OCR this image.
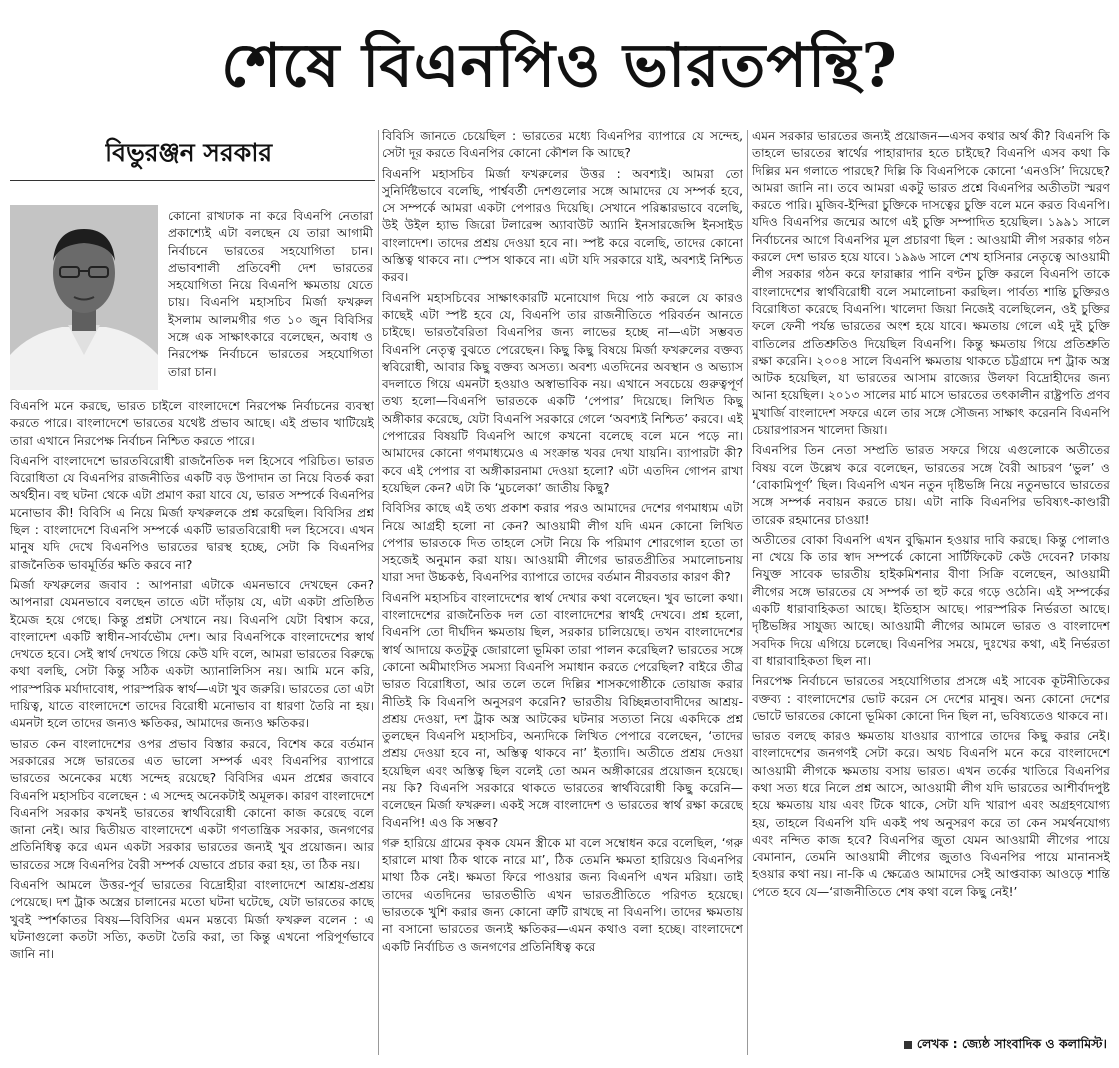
শেষে বিএনপিও ভারতপন্থি?
বিভুরঞ্জন সরকার

কোনো রাখঢাক না করে বিএনপি নেতারা প্রকাশ্যেই এটা বলছেন যে তারা আগামী নির্বাচনে ভারতের সহযোগিতা চান। প্রভাবশালী প্রতিবেশী দেশ ভারতের সহযোগিতা নিয়ে বিএনপি ক্ষমতায় যেতে চায়। বিএনপি মহাসচিব মির্জা ফখরুল ইসলাম আলমগীর গত ১০ জুন বিবিসির সঙ্গে এক সাক্ষাৎকারে বলেছেন, অবাধ ও নিরপেক্ষ নির্বাচনে ভারতের সহযোগিতা তারা চান।

বিএনপি মনে করছে, ভারত চাইলে বাংলাদেশে নিরপেক্ষ নির্বাচনের ব্যবস্থা করতে পারে। বাংলাদেশে ভারতের যথেষ্ট প্রভাব আছে। এই প্রভাব খাটিয়েই তারা এখানে নিরপেক্ষ নির্বাচন নিশ্চিত করতে পারে।

বিএনপি বাংলাদেশে ভারতবিরোধী রাজনৈতিক দল হিসেবে পরিচিত। ভারত বিরোধিতা যে বিএনপির রাজনীতির একটি বড় উপাদান তা নিয়ে বিতর্ক করা অর্থহীন। বহু ঘটনা থেকে এটা প্রমাণ করা যাবে যে, ভারত সম্পর্কে বিএনপির মনোভাব কী! বিবিসি এ নিয়ে মির্জা ফখরুলকে প্রশ্ন করেছিল। বিবিসির প্রশ্ন ছিল : বাংলাদেশে বিএনপি সম্পর্কে একটি ভারতবিরোধী দল হিসেবে। এখন মানুষ যদি দেখে বিএনপিও ভারতের দ্বারস্থ হচ্ছে, সেটা কি বিএনপির রাজনৈতিক ভাবমূর্তির ক্ষতি করবে না?

মির্জা ফখরুলের জবাব : আপনারা এটাকে এমনভাবে দেখছেন কেন? আপনারা যেমনভাবে বলছেন তাতে এটা দাঁড়ায় যে, এটা একটা প্রতিষ্ঠিত ইমেজ হয়ে গেছে। কিন্তু প্রশ্নটা সেখানে নয়। বিএনপি যেটা বিশ্বাস করে, বাংলাদেশ একটি স্বাধীন-সার্বভৌম দেশ। আর বিএনপিকে বাংলাদেশের স্বার্থ দেখতে হবে। সেই স্বার্থ দেখতে গিয়ে কেউ যদি বলে, আমরা ভারতের বিরুদ্ধে কথা বলছি, সেটা কিন্তু সঠিক একটা অ্যানালিসিস নয়। আমি মনে করি, পারস্পরিক মর্যাদাবোধ, পারস্পরিক স্বার্থ—এটা খুব জরুরি। ভারতের তো এটা দায়িত্ব, যাতে বাংলাদেশে তাদের বিরোধী মনোভাব বা ধারণা তৈরি না হয়। এমনটা হলে তাদের জন্যও ক্ষতিকর, আমাদের জন্যও ক্ষতিকর।

ভারত কেন বাংলাদেশের ওপর প্রভাব বিস্তার করবে, বিশেষ করে বর্তমান সরকারের সঙ্গে ভারতের এত ভালো সম্পর্ক এবং বিএনপির ব্যাপারে ভারতের অনেকের মধ্যে সন্দেহ রয়েছে? বিবিসির এমন প্রশ্নের জবাবে বিএনপি মহাসচিব বলেছেন : এ সন্দেহ অনেকটাই অমূলক। কারণ বাংলাদেশে বিএনপি সরকার কখনই ভারতের স্বার্থবিরোধী কোনো কাজ করেছে বলে জানা নেই। আর দ্বিতীয়ত বাংলাদেশে একটা গণতান্ত্রিক সরকার, জনগণের প্রতিনিধিত্ব করে এমন একটা সরকার ভারতের জন্যই খুব প্রয়োজন। আর ভারতের সঙ্গে বিএনপির বৈরী সম্পর্ক যেভাবে প্রচার করা হয়, তা ঠিক নয়।

বিএনপি আমলে উত্তর-পূর্ব ভারতের বিদ্রোহীরা বাংলাদেশে আশ্রয়-প্রশ্রয় পেয়েছে। দশ ট্রাক অস্ত্রের চালানের মতো ঘটনা ঘটেছে, যেটা ভারতের কাছে খুবই স্পর্শকাতর বিষয়—বিবিসির এমন মন্তব্যে মির্জা ফখরুল বলেন : এ ঘটনাগুলো কতটা সত্যি, কতটা তৈরি করা, তা কিন্তু এখনো পরিপূর্ণভাবে জানি না।

বিবিসি জানতে চেয়েছিল : ভারতের মধ্যে বিএনপির ব্যাপারে যে সন্দেহ, সেটা দূর করতে বিএনপির কোনো কৌশল কি আছে?

বিএনপি মহাসচিব মির্জা ফখরুলের উত্তর : অবশ্যই। আমরা তো সুনির্দিষ্টভাবে বলেছি, পার্শ্ববর্তী দেশগুলোর সঙ্গে আমাদের যে সম্পর্ক হবে, সে সম্পর্কে আমরা একটা পেপারও দিয়েছি। সেখানে পরিষ্কারভাবে বলেছি, উই উইল হ্যাভ জিরো টলারেন্স অ্যাবাউট অ্যানি ইনসারজেন্সি ইনসাইড বাংলাদেশ। তাদের প্রশ্রয় দেওয়া হবে না। স্পষ্ট করে বলেছি, তাদের কোনো অস্তিত্ব থাকবে না। স্পেস থাকবে না। এটা যদি সরকারে যাই, অবশ্যই নিশ্চিত করব।

বিএনপি মহাসচিবের সাক্ষাৎকারটি মনোযোগ দিয়ে পাঠ করলে যে কারও কাছেই এটা স্পষ্ট হবে যে, বিএনপি তার রাজনীতিতে পরিবর্তন আনতে চাইছে। ভারতবৈরিতা বিএনপির জন্য লাভের হচ্ছে না—এটা সম্ভবত বিএনপি নেতৃত্ব বুঝতে পেরেছেন। কিছু কিছু বিষয়ে মির্জা ফখরুলের বক্তব্য স্ববিরোধী, আবার কিছু বক্তব্য অসত্য। অবশ্য এতদিনের অবস্থান ও অভ্যাস বদলাতে গিয়ে এমনটা হওয়াও অস্বাভাবিক নয়। এখানে সবচেয়ে গুরুত্বপূর্ণ তথ্য হলো—বিএনপি ভারতকে একটি ‘পেপার’ দিয়েছে। লিখিত কিছু অঙ্গীকার করেছে, যেটা বিএনপি সরকারে গেলে ‘অবশ্যই নিশ্চিত’ করবে। এই পেপারের বিষয়টি বিএনপি আগে কখনো বলেছে বলে মনে পড়ে না। আমাদের কোনো গণমাধ্যমেও এ সংক্রান্ত খবর দেখা যায়নি। ব্যাপারটা কী? কবে এই পেপার বা অঙ্গীকারনামা দেওয়া হলো? এটা এতদিন গোপন রাখা হয়েছিল কেন? এটা কি ‘মুচলেকা’ জাতীয় কিছু?

বিবিসির কাছে এই তথ্য প্রকাশ করার পরও আমাদের দেশের গণমাধ্যম এটা নিয়ে আগ্রহী হলো না কেন? আওয়ামী লীগ যদি এমন কোনো লিখিত পেপার ভারতকে দিত তাহলে সেটা নিয়ে কি পরিমাণ শোরগোল হতো তা সহজেই অনুমান করা যায়। আওয়ামী লীগের ভারতপ্রীতির সমালোচনায় যারা সদা উচ্চকণ্ঠ, বিএনপির ব্যাপারে তাদের বর্তমান নীরবতার কারণ কী?

বিএনপি মহাসচিব বাংলাদেশের স্বার্থ দেখার কথা বলেছেন। খুব ভালো কথা। বাংলাদেশের রাজনৈতিক দল তো বাংলাদেশের স্বার্থই দেখবে। প্রশ্ন হলো, বিএনপি তো দীর্ঘদিন ক্ষমতায় ছিল, সরকার চালিয়েছে। তখন বাংলাদেশের স্বার্থ আদায়ে কতটুকু জোরালো ভূমিকা তারা পালন করেছিল? ভারতের সঙ্গে কোনো অমীমাংসিত সমস্যা বিএনপি সমাধান করতে পেরেছিল? বাইরে তীব্র ভারত বিরোধিতা, আর তলে তলে দিল্লির শাসকগোষ্ঠীকে তোয়াজ করার নীতিই কি বিএনপি অনুসরণ করেনি? ভারতীয় বিচ্ছিন্নতাবাদীদের আশ্রয়-প্রশ্রয় দেওয়া, দশ ট্রাক অস্ত্র আটকের ঘটনার সত্যতা নিয়ে একদিকে প্রশ্ন তুলছেন বিএনপি মহাসচিব, অন্যদিকে লিখিত পেপারে বলেছেন, ‘তাদের প্রশ্রয় দেওয়া হবে না, অস্তিত্ব থাকবে না’ ইত্যাদি। অতীতে প্রশ্রয় দেওয়া হয়েছিল এবং অস্তিত্ব ছিল বলেই তো অমন অঙ্গীকারের প্রয়োজন হয়েছে। নয় কি? বিএনপি সরকারে থাকতে ভারতের স্বার্থবিরোধী কিছু করেনি—বলেছেন মির্জা ফখরুল। একই সঙ্গে বাংলাদেশ ও ভারতের স্বার্থ রক্ষা করেছে বিএনপি! এও কি সম্ভব?

গরু হারিয়ে গ্রামের কৃষক যেমন স্ত্রীকে মা বলে সম্বোধন করে বলেছিল, ‘গরু হারালে মাথা ঠিক থাকে নারে মা’, ঠিক তেমনি ক্ষমতা হারিয়েও বিএনপির মাথা ঠিক নেই। ক্ষমতা ফিরে পাওয়ার জন্য বিএনপি এখন মরিয়া। তাই তাদের এতদিনের ভারতভীতি এখন ভারতপ্রীতিতে পরিণত হয়েছে। ভারতকে খুশি করার জন্য কোনো ত্রুটি রাখছে না বিএনপি। তাদের ক্ষমতায় না বসানো ভারতের জন্যই ক্ষতিকর—এমন কথাও বলা হচ্ছে। বাংলাদেশে একটি নির্বাচিত ও জনগণের প্রতিনিধিত্ব করে

এমন সরকার ভারতের জন্যই প্রয়োজন—এসব কথার অর্থ কী? বিএনপি কি তাহলে ভারতের স্বার্থের পাহারাদার হতে চাইছে? বিএনপি এসব কথা কি দিল্লির মন গলাতে পারছে? দিল্লি কি বিএনপিকে কোনো ‘এনওসি’ দিয়েছে? আমরা জানি না। তবে আমরা একটু ভারত প্রশ্নে বিএনপির অতীতটা স্মরণ করতে পারি। মুজিব-ইন্দিরা চুক্তিকে দাসত্বের চুক্তি বলে মনে করত বিএনপি। যদিও বিএনপির জন্মের আগে এই চুক্তি সম্পাদিত হয়েছিল। ১৯৯১ সালে নির্বাচনের আগে বিএনপির মূল প্রচারণা ছিল : আওয়ামী লীগ সরকার গঠন করলে দেশ ভারত হয়ে যাবে। ১৯৯৬ সালে শেখ হাসিনার নেতৃত্বে আওয়ামী লীগ সরকার গঠন করে ফারাক্কার পানি বণ্টন চুক্তি করলে বিএনপি তাকে বাংলাদেশের স্বার্থবিরোধী বলে সমালোচনা করছিল। পার্বত্য শান্তি চুক্তিরও বিরোধিতা করেছে বিএনপি। খালেদা জিয়া নিজেই বলেছিলেন, ওই চুক্তির ফলে ফেনী পর্যন্ত ভারতের অংশ হয়ে যাবে। ক্ষমতায় গেলে এই দুই চুক্তি বাতিলের প্রতিশ্রুতিও দিয়েছিল বিএনপি। কিন্তু ক্ষমতায় গিয়ে প্রতিশ্রুতি রক্ষা করেনি। ২০০৪ সালে বিএনপি ক্ষমতায় থাকতে চট্টগ্রামে দশ ট্রাক অস্ত্র আটক হয়েছিল, যা ভারতের আসাম রাজ্যের উলফা বিদ্রোহীদের জন্য আনা হয়েছিল। ২০১৩ সালের মার্চ মাসে ভারতের তৎকালীন রাষ্ট্রপতি প্রণব মুখার্জি বাংলাদেশ সফরে এলে তার সঙ্গে সৌজন্য সাক্ষাৎ করেননি বিএনপি চেয়ারপারসন খালেদা জিয়া।

বিএনপির তিন নেতা সম্প্রতি ভারত সফরে গিয়ে এগুলোকে অতীতের বিষয় বলে উল্লেখ করে বলেছেন, ভারতের সঙ্গে বৈরী আচরণ ‘ভুল’ ও ‘বোকামিপূর্ণ’ ছিল। বিএনপি এখন নতুন দৃষ্টিভঙ্গি নিয়ে নতুনভাবে ভারতের সঙ্গে সম্পর্ক নবায়ন করতে চায়। এটা নাকি বিএনপির ভবিষ্যৎ-কাণ্ডারী তারেক রহমানের চাওয়া!

অতীতের বোকা বিএনপি এখন বুদ্ধিমান হওয়ার দাবি করছে। কিন্তু পোলাও না খেয়ে কি তার স্বাদ সম্পর্কে কোনো সার্টিফিকেট কেউ দেবেন? ঢাকায় নিযুক্ত সাবেক ভারতীয় হাইকমিশনার বীণা সিক্রি বলেছেন, আওয়ামী লীগের সঙ্গে ভারতের যে সম্পর্ক তা হুট করে গড়ে ওঠেনি। এই সম্পর্কের একটি ধারাবাহিকতা আছে। ইতিহাস আছে। পারস্পরিক নির্ভরতা আছে। দৃষ্টিভঙ্গির সাযুজ্য আছে। আওয়ামী লীগের আমলে ভারত ও বাংলাদেশ সবদিক দিয়ে এগিয়ে চলেছে। বিএনপির সময়ে, দুঃখের কথা, এই নির্ভরতা বা ধারাবাহিকতা ছিল না।

নিরপেক্ষ নির্বাচনে ভারতের সহযোগিতার প্রসঙ্গে এই সাবেক কূটনীতিকের বক্তব্য : বাংলাদেশের ভোট করেন সে দেশের মানুষ। অন্য কোনো দেশের ভোটে ভারতের কোনো ভূমিকা কোনো দিন ছিল না, ভবিষ্যতেও থাকবে না।

ভারত বলছে কারও ক্ষমতায় যাওয়ার ব্যাপারে তাদের কিছু করার নেই। বাংলাদেশের জনগণই সেটা করে। অথচ বিএনপি মনে করে বাংলাদেশে আওয়ামী লীগকে ক্ষমতায় বসায় ভারত। এখন তর্কের খাতিরে বিএনপির কথা সত্য ধরে নিলে প্রশ্ন আসে, আওয়ামী লীগ যদি ভারতের আশীর্বাদপুষ্ট হয়ে ক্ষমতায় যায় এবং টিকে থাকে, সেটা যদি খারাপ এবং অগ্রহণযোগ্য হয়, তাহলে বিএনপি যদি একই পথ অনুসরণ করে তা কেন সমর্থনযোগ্য এবং নন্দিত কাজ হবে? বিএনপির জুতা যেমন আওয়ামী লীগের পায়ে বেমানান, তেমনি আওয়ামী লীগের জুতাও বিএনপির পায়ে মানানসই হওয়ার কথা নয়। না-কি এ ক্ষেত্রেও আমাদের সেই আপ্তবাক্য আওড়ে শান্তি পেতে হবে যে—‘রাজনীতিতে শেষ কথা বলে কিছু নেই!’

লেখক : জ্যেষ্ঠ সাংবাদিক ও কলামিস্ট।
